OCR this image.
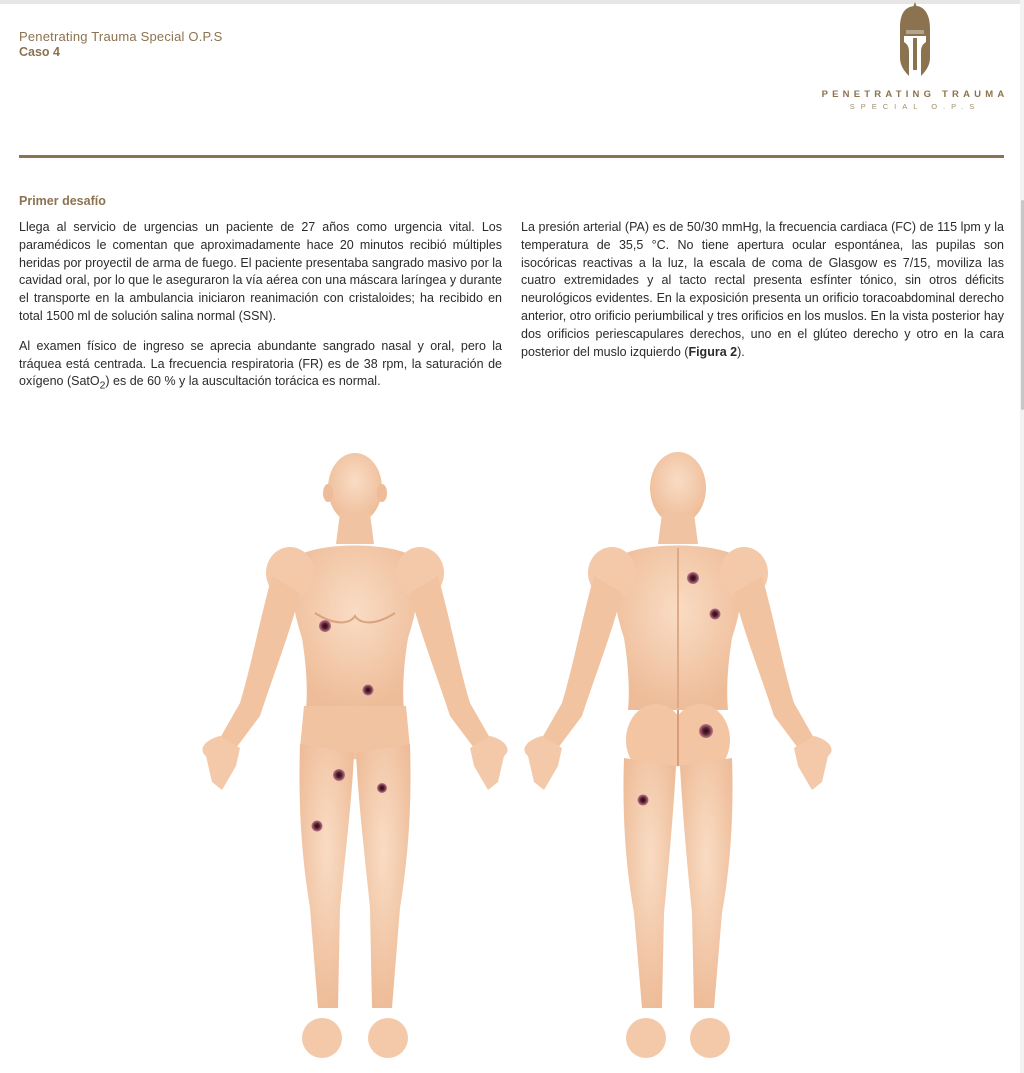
Penetrating Trauma Special O.P.S
Caso 4
PENETRATING TRAUMA
SPECIAL O.P.S
Primer desafío

Llega al servicio de urgencias un paciente de 27 años como urgencia vital. Los paramédicos le comentan que aproximadamente hace 20 minutos recibió múltiples heridas por proyectil de arma de fuego. El paciente presentaba sangrado masivo por la cavidad oral, por lo que le aseguraron la vía aérea con una máscara laríngea y durante el transporte en la ambulancia iniciaron reanimación con cristaloides; ha recibido en total 1500 ml de solución salina normal (SSN).

Al examen físico de ingreso se aprecia abundante sangrado nasal y oral, pero la tráquea está centrada. La frecuencia respiratoria (FR) es de 38 rpm, la saturación de oxígeno (SatO$_2$) es de 60 % y la auscultación torácica es normal.

La presión arterial (PA) es de 50/30 mmHg, la frecuencia cardiaca (FC) de 115 lpm y la temperatura de 35,5 °C. No tiene apertura ocular espontánea, las pupilas son isocóricas reactivas a la luz, la escala de coma de Glasgow es 7/15, moviliza las cuatro extremidades y al tacto rectal presenta esfínter tónico, sin otros déficits neurológicos evidentes. En la exposición presenta un orificio toracoabdominal derecho anterior, otro orificio periumbilical y tres orificios en los muslos. En la vista posterior hay dos orificios periescapulares derechos, uno en el glúteo derecho y otro en la cara posterior del muslo izquierdo (Figura 2).
